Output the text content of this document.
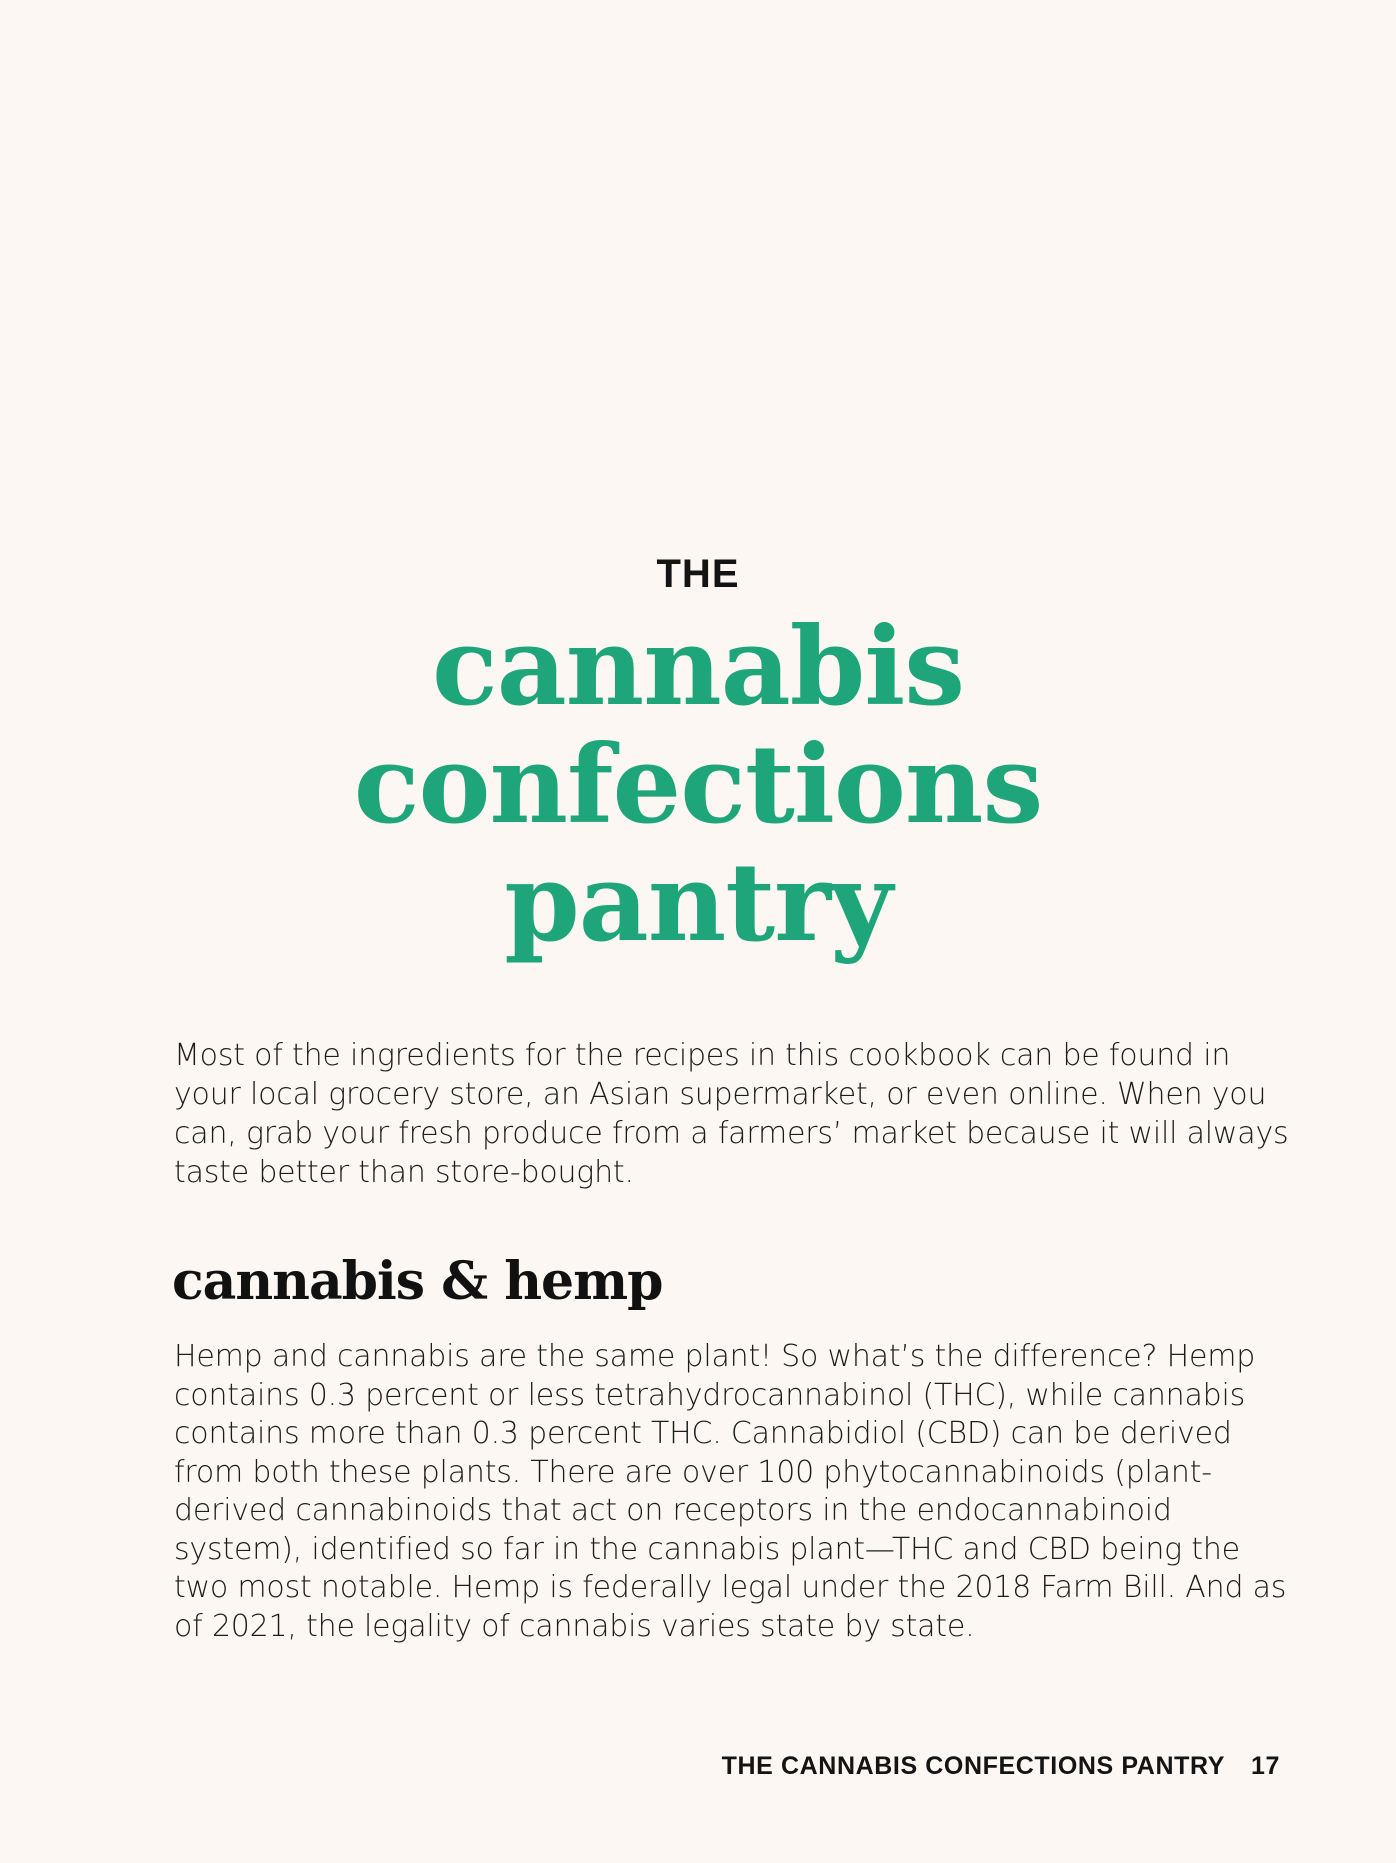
THE

cannabis
confections
pantry

Most of the ingredients for the recipes in this cookbook can be found in your local grocery store, an Asian supermarket, or even online. When you can, grab your fresh produce from a farmers’ market because it will always taste better than store-bought.

cannabis & hemp

Hemp and cannabis are the same plant! So what’s the difference? Hemp contains 0.3 percent or less tetrahydrocannabinol (THC), while cannabis contains more than 0.3 percent THC. Cannabidiol (CBD) can be derived from both these plants. There are over 100 phytocannabinoids (plant-derived cannabinoids that act on receptors in the endocannabinoid system), identified so far in the cannabis plant—THC and CBD being the two most notable. Hemp is federally legal under the 2018 Farm Bill. And as of 2021, the legality of cannabis varies state by state.

THE CANNABIS CONFECTIONS PANTRY 17
